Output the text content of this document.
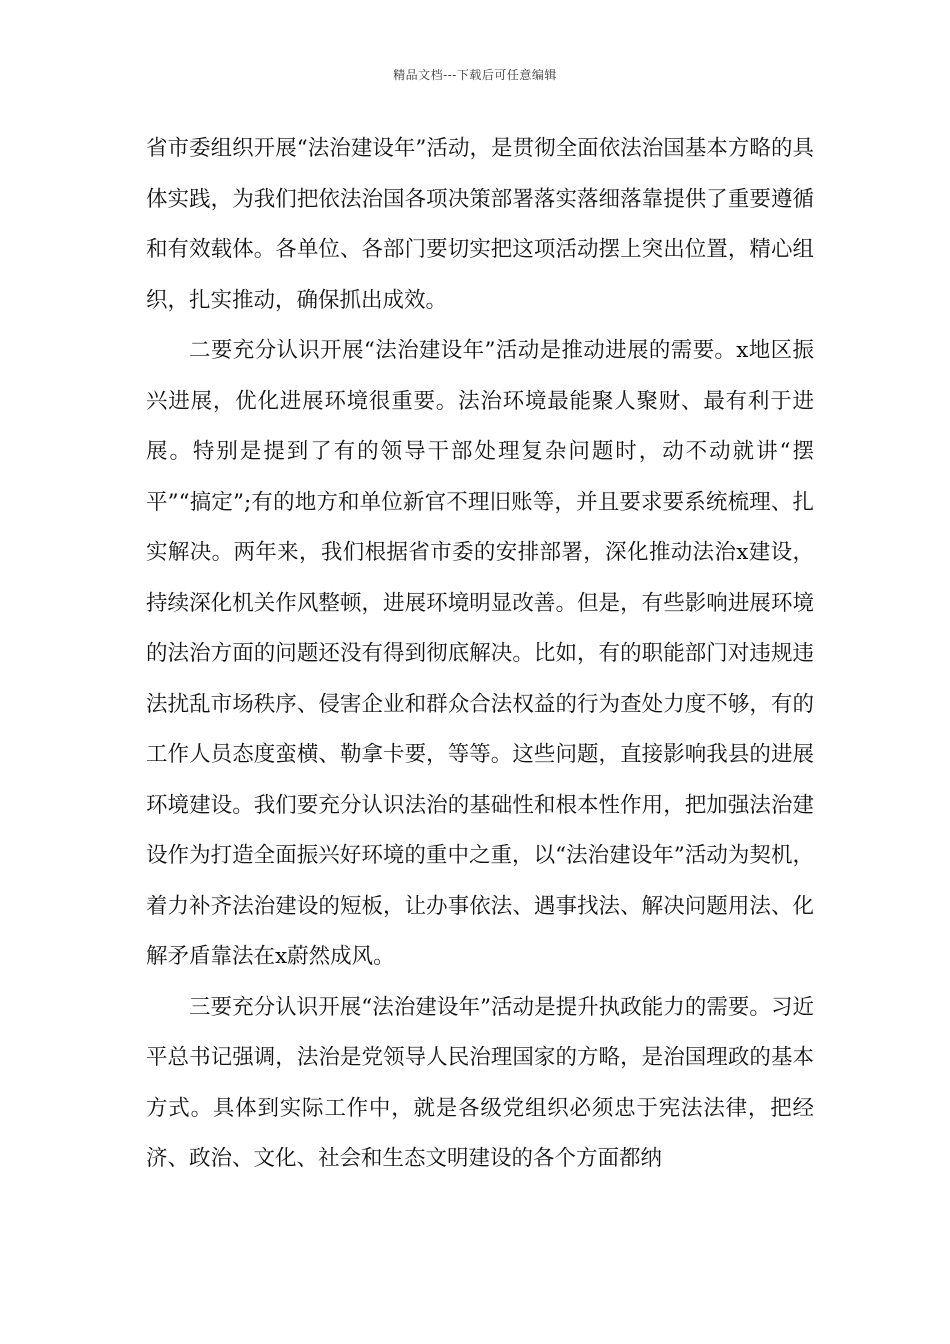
精品文档---下载后可任意编辑

省市委组织开展“法治建设年”活动，是贯彻全面依法治国基本方略的具体实践，为我们把依法治国各项决策部署落实落细落靠提供了重要遵循和有效载体。各单位、各部门要切实把这项活动摆上突出位置，精心组织，扎实推动，确保抓出成效。

二要充分认识开展“法治建设年”活动是推动进展的需要。x地区振兴进展，优化进展环境很重要。法治环境最能聚人聚财、最有利于进展。特别是提到了有的领导干部处理复杂问题时，动不动就讲“摆平”“搞定”;有的地方和单位新官不理旧账等，并且要求要系统梳理、扎实解决。两年来，我们根据省市委的安排部署，深化推动法治x建设，持续深化机关作风整顿，进展环境明显改善。但是，有些影响进展环境的法治方面的问题还没有得到彻底解决。比如，有的职能部门对违规违法扰乱市场秩序、侵害企业和群众合法权益的行为查处力度不够，有的工作人员态度蛮横、勒拿卡要，等等。这些问题，直接影响我县的进展环境建设。我们要充分认识法治的基础性和根本性作用，把加强法治建设作为打造全面振兴好环境的重中之重，以“法治建设年”活动为契机，着力补齐法治建设的短板，让办事依法、遇事找法、解决问题用法、化解矛盾靠法在x蔚然成风。

三要充分认识开展“法治建设年”活动是提升执政能力的需要。习近平总书记强调，法治是党领导人民治理国家的方略，是治国理政的基本方式。具体到实际工作中，就是各级党组织必须忠于宪法法律，把经济、政治、文化、社会和生态文明建设的各个方面都纳
